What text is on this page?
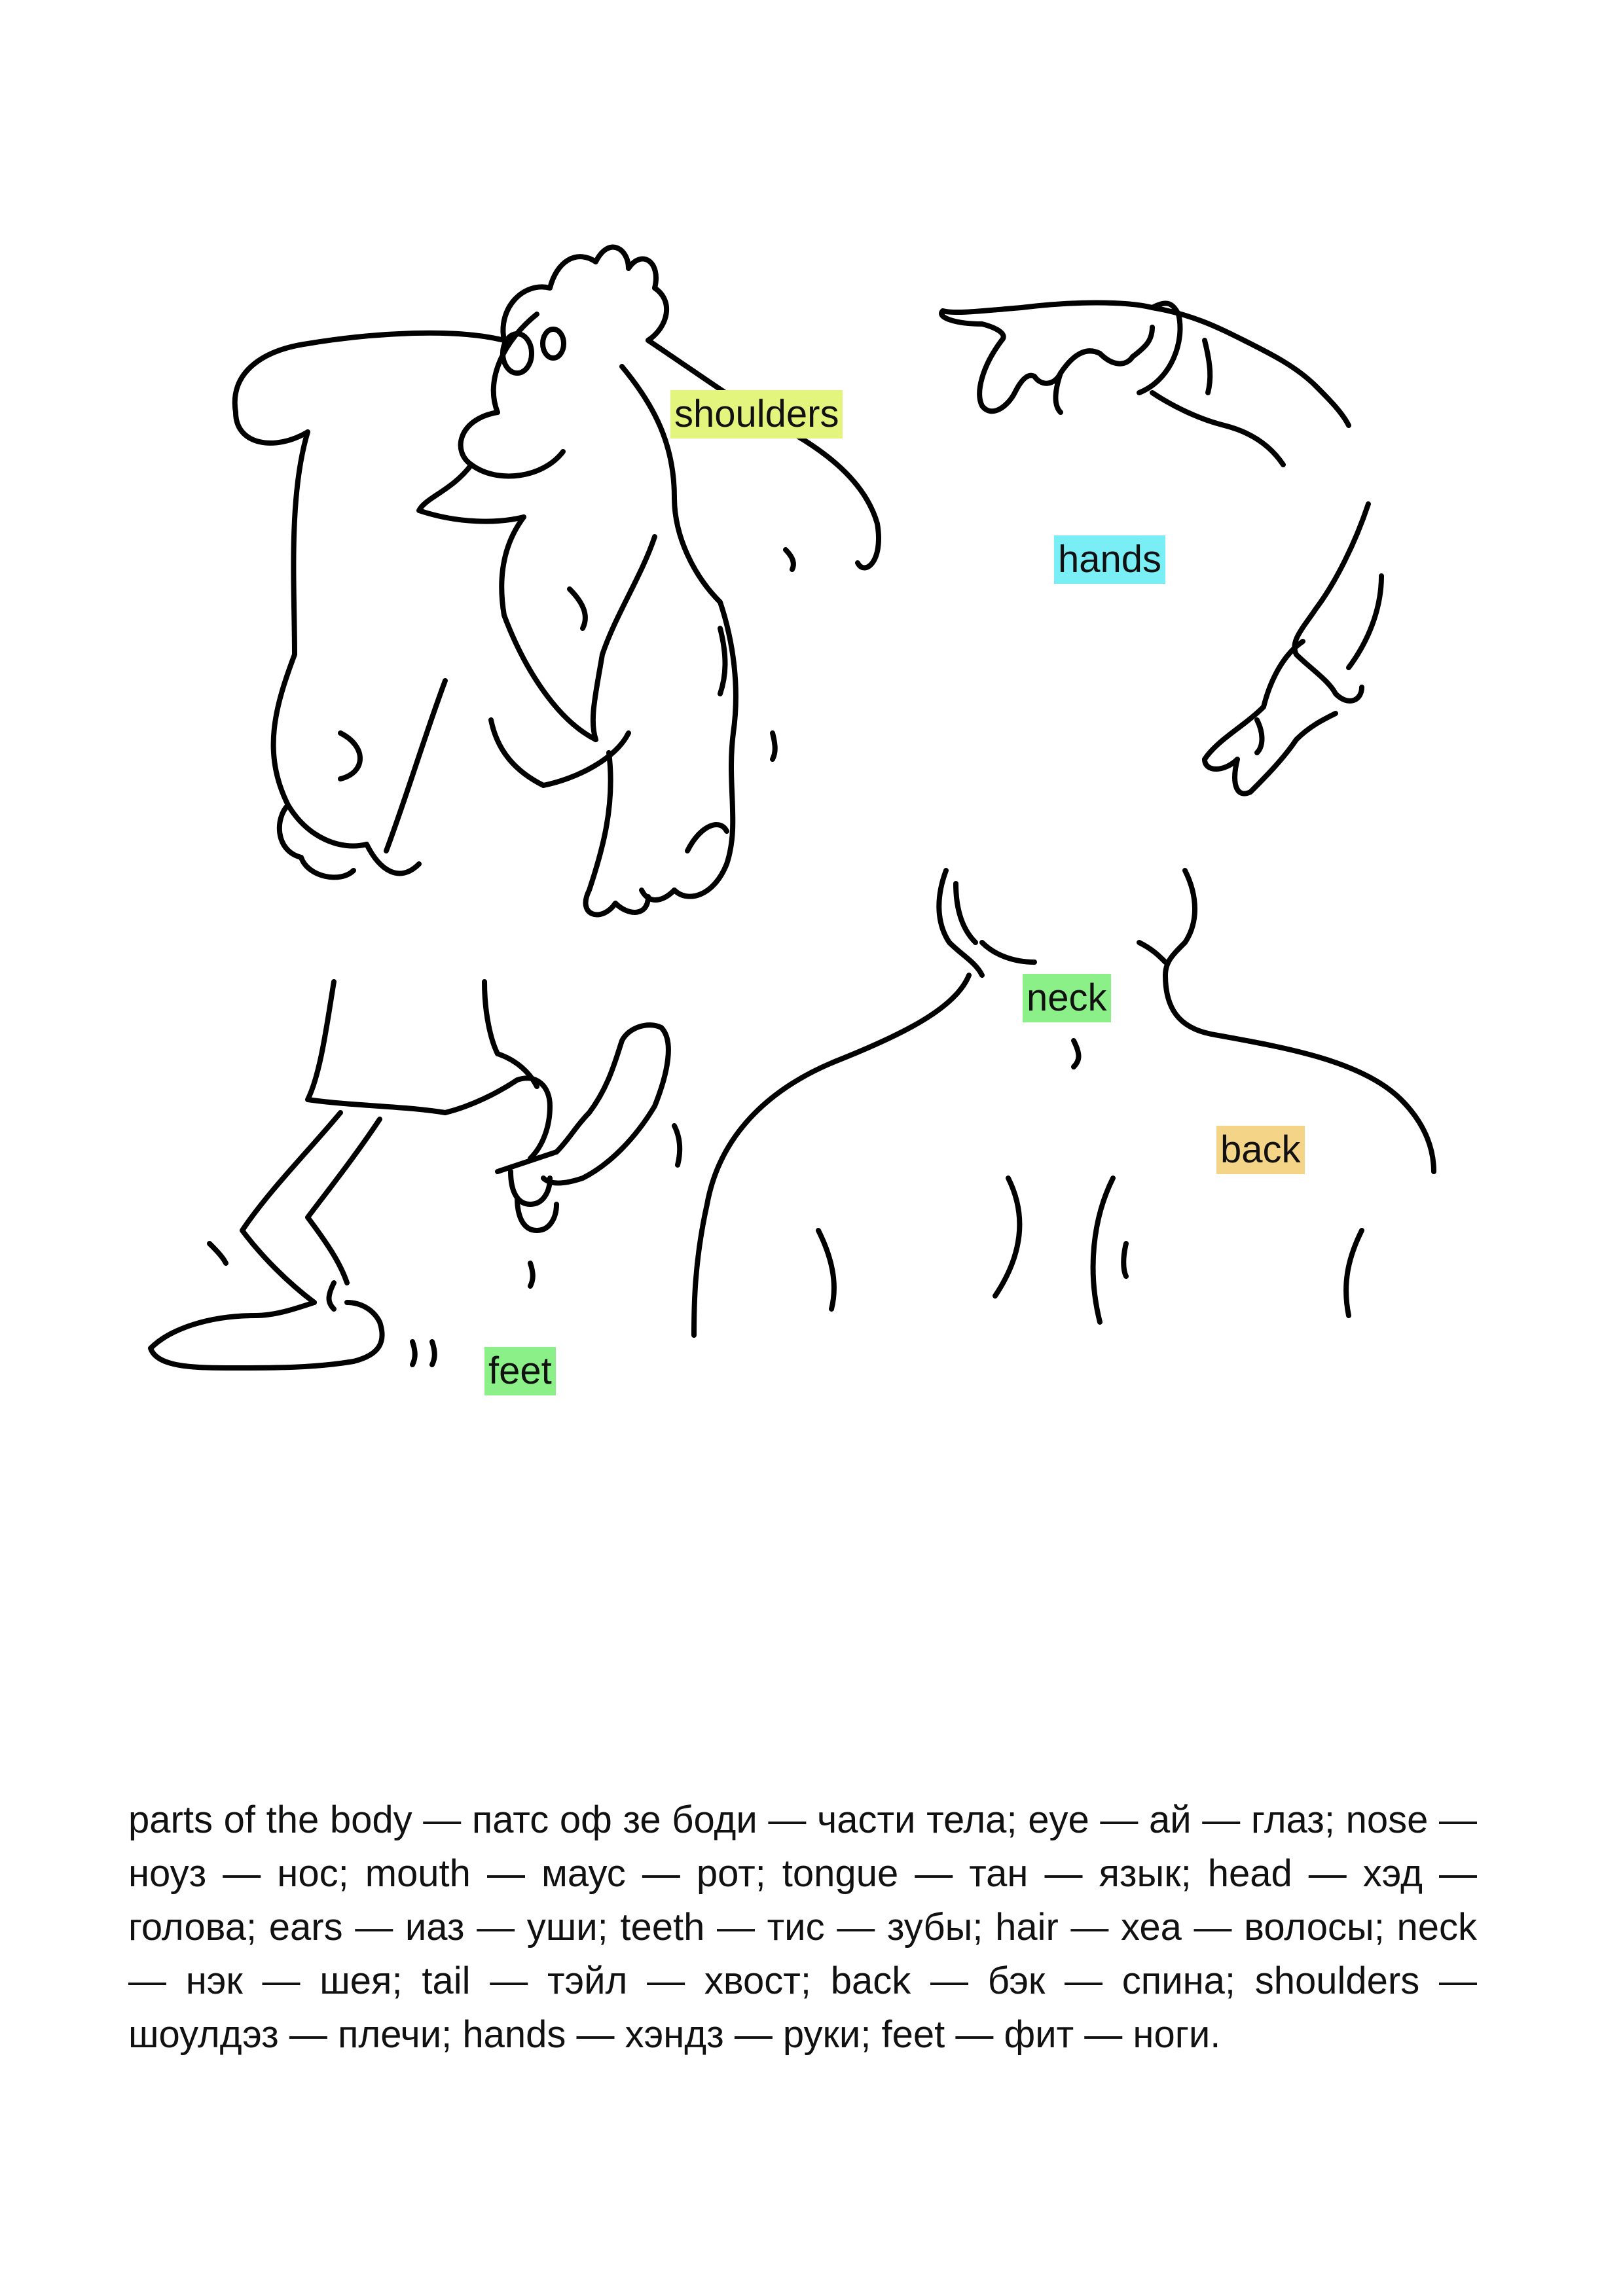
shoulders
hands
neck
back
feet

parts of the body — патс оф зе боди — части тела; eye — ай — глаз; nose — ноуз — нос; mouth — маус — рот; tongue — тан — язык; head — хэд — голова; ears — иаз — уши; teeth — тис — зубы; hair — хеа — волосы; neck — нэк — шея; tail — тэйл — хвост; back — бэк — спина; shoulders — шоулдэз — плечи; hands — хэндз — руки; feet — фит — ноги.
